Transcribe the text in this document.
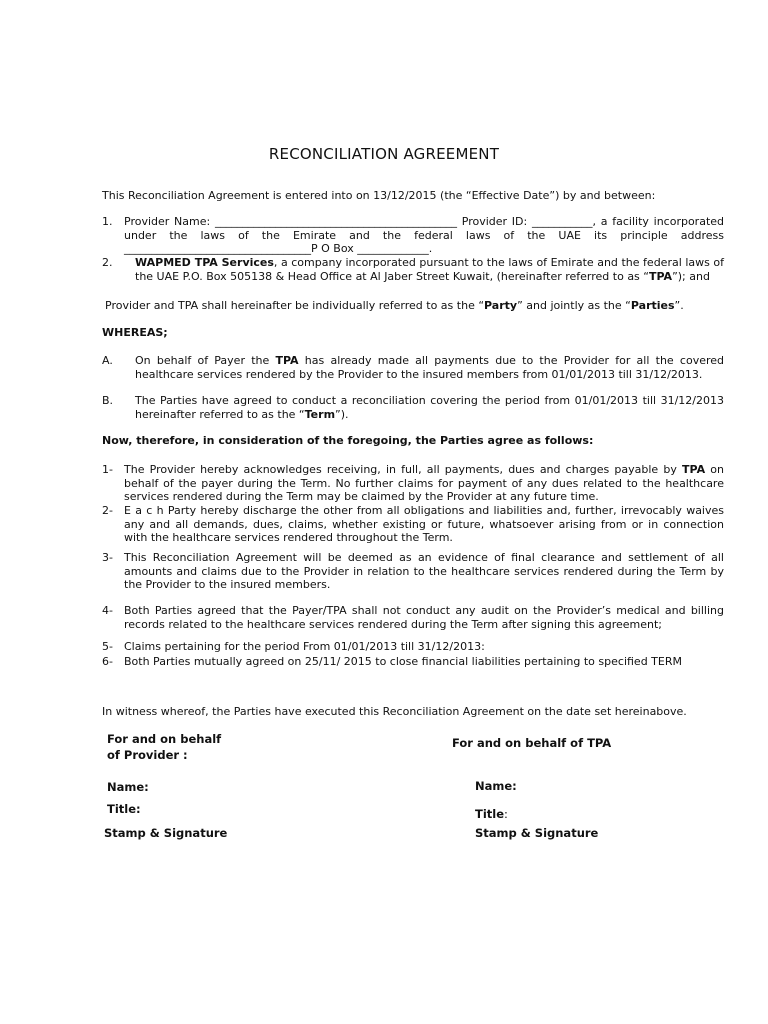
RECONCILIATION AGREEMENT
This Reconciliation Agreement is entered into on 13/12/2015 (the “Effective Date”) by and between:
1. Provider Name: ____________________________________________ Provider ID: ___________, a facility incorporated under the laws of the Emirate and the federal laws of the UAE its principle address __________________________________P O Box _____________.
2. WAPMED TPA Services, a company incorporated pursuant to the laws of Emirate and the federal laws of the UAE P.O. Box 505138 & Head Office at Al Jaber Street Kuwait, (hereinafter referred to as “TPA”); and
Provider and TPA shall hereinafter be individually referred to as the “Party” and jointly as the “Parties”.
WHEREAS;
A. On behalf of Payer the TPA has already made all payments due to the Provider for all the covered healthcare services rendered by the Provider to the insured members from 01/01/2013 till 31/12/2013.
B. The Parties have agreed to conduct a reconciliation covering the period from 01/01/2013 till 31/12/2013 hereinafter referred to as the “Term”).
Now, therefore, in consideration of the foregoing, the Parties agree as follows:
1- The Provider hereby acknowledges receiving, in full, all payments, dues and charges payable by TPA on behalf of the payer during the Term. No further claims for payment of any dues related to the healthcare services rendered during the Term may be claimed by the Provider at any future time.
2- E a c h Party hereby discharge the other from all obligations and liabilities and, further, irrevocably waives any and all demands, dues, claims, whether existing or future, whatsoever arising from or in connection with the healthcare services rendered throughout the Term.
3- This Reconciliation Agreement will be deemed as an evidence of final clearance and settlement of all amounts and claims due to the Provider in relation to the healthcare services rendered during the Term by the Provider to the insured members.
4- Both Parties agreed that the Payer/TPA shall not conduct any audit on the Provider’s medical and billing records related to the healthcare services rendered during the Term after signing this agreement;
5- Claims pertaining for the period From 01/01/2013 till 31/12/2013:
6- Both Parties mutually agreed on 25/11/ 2015 to close financial liabilities pertaining to specified TERM
In witness whereof, the Parties have executed this Reconciliation Agreement on the date set hereinabove.
For and on behalf
of Provider :
Name:
Title:
Stamp & Signature
For and on behalf of TPA
Name:
Title:
Stamp & Signature
